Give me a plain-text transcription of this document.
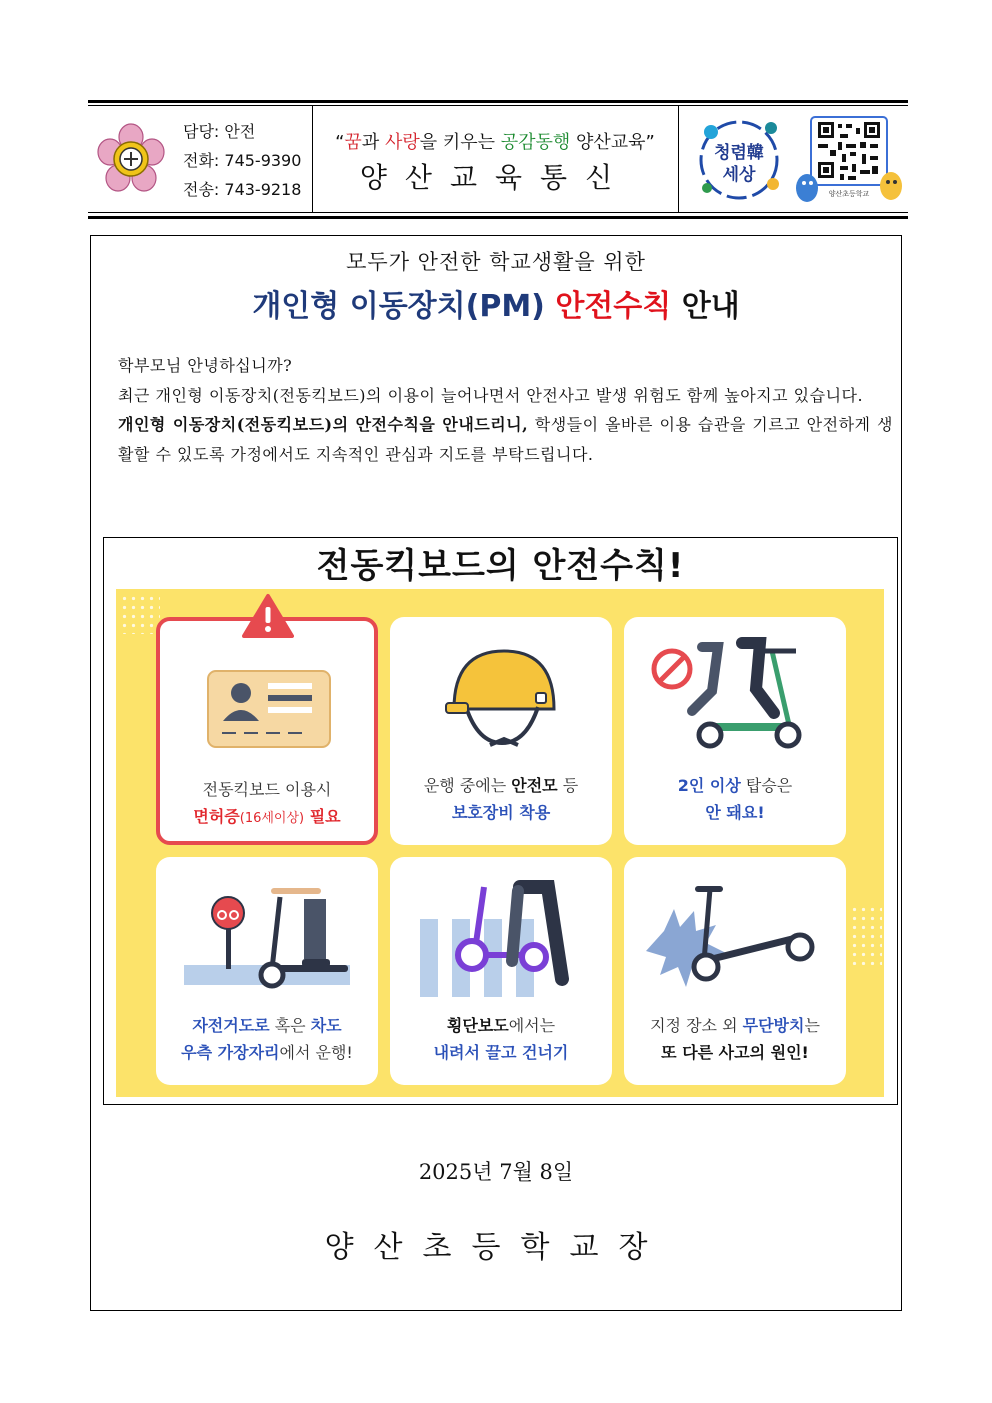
담당: 안전
전화: 745-9390
전송: 743-9218
“꿈과 사랑을 키우는 공감동행 양산교육”
양산교육통신
청렴韓
세상
양산초등학교
모두가 안전한 학교생활을 위한
개인형 이동장치(PM) 안전수칙 안내

학부모님 안녕하십니까?

최근 개인형 이동장치(전동킥보드)의 이용이 늘어나면서 안전사고 발생 위험도 함께 높아지고 있습니다.

개인형 이동장치(전동킥보드)의 안전수칙을 안내드리니, 학생들이 올바른 이용 습관을 기르고 안전하게 생활할 수 있도록 가정에서도 지속적인 관심과 지도를 부탁드립니다.

전동킥보드의 안전수칙!
전동킥보드 이용시
면허증(16세이상) 필요
운행 중에는 안전모 등
보호장비 착용
2인 이상 탑승은
안 돼요!
자전거도로 혹은 차도
우측 가장자리에서 운행!
횡단보도에서는
내려서 끌고 건너기
지정 장소 외 무단방치는
또 다른 사고의 원인!
2025년 7월 8일
양산초등학교장
